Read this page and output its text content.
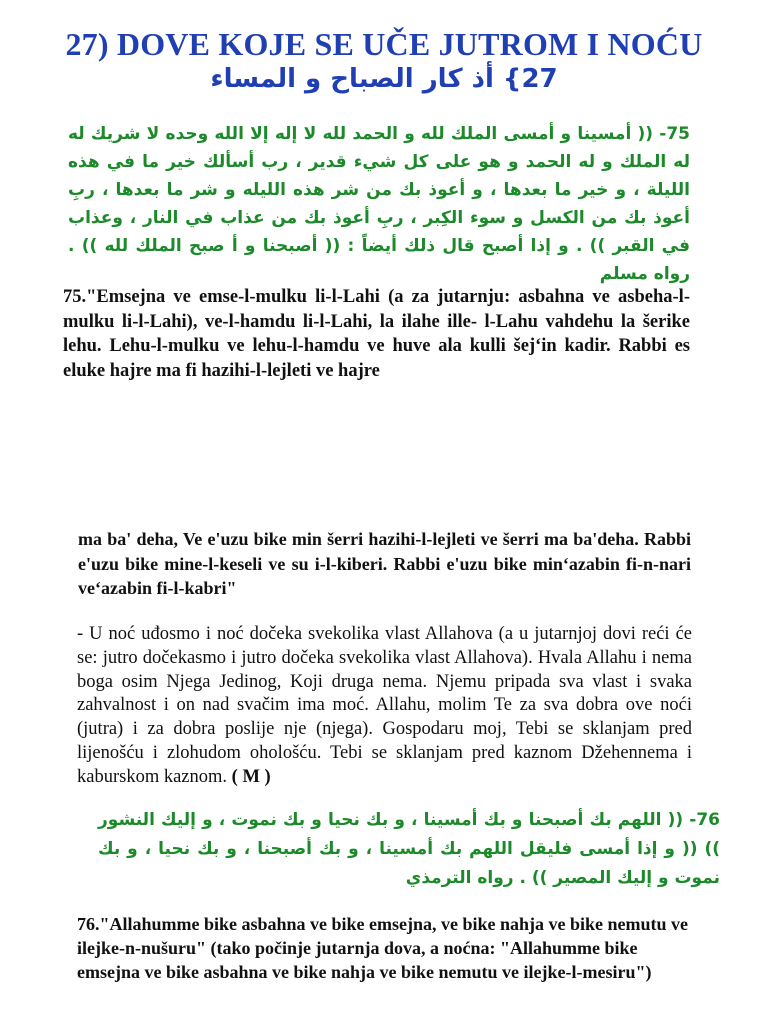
27) DOVE KOJE SE UČE JUTROM I NOĆU
27} أذ كار الصباح و المساء

75- (( أمسينا و أمسى الملك لله و الحمد لله لا إله إلا الله وحده لا شريك له له الملك و له الحمد و هو على كل شيء قدير ، رب أسألك خير ما في هذه الليلة ، و خير ما بعدها ، و أعوذ بك من شر هذه الليله و شر ما بعدها ، ربِ أعوذ بك من الكسل و سوء الكِبر ، ربِ أعوذ بك من عذاب في النار ، وعذاب في القبر )) . و إذا أصبح قال ذلك أيضاً : (( أصبحنا و أ صبح الملك لله )) . رواه مسلم

75."Emsejna ve emse-l-mulku li-l-Lahi (a za jutarnju: asbahna ve asbeha-l-mulku li-l-Lahi), ve-l-hamdu li-l-Lahi, la ilahe ille- l-Lahu vahdehu la šerike lehu. Lehu-l-mulku ve lehu-l-hamdu ve huve ala kulli šej‘in kadir. Rabbi es eluke hajre ma fi hazihi-l-lejleti ve hajre
ma ba' deha, Ve e'uzu bike min šerri hazihi-l-lejleti ve šerri ma ba'deha. Rabbi e'uzu bike mine-l-keseli ve su i-l-kiberi. Rabbi e'uzu bike min‘azabin fi-n-nari ve‘azabin fi-l-kabri"
- U noć uđosmo i noć dočeka svekolika vlast Allahova (a u jutarnjoj dovi reći će se: jutro dočekasmo i jutro dočeka svekolika vlast Allahova). Hvala Allahu i nema boga osim Njega Jedinog, Koji druga nema. Njemu pripada sva vlast i svaka zahvalnost i on nad svačim ima moć. Allahu, molim Te za sva dobra ove noći (jutra) i za dobra poslije nje (njega). Gospodaru moj, Tebi se sklanjam pred lijenošću i zlohudom ohološću. Tebi se sklanjam pred kaznom Džehennema i kaburskom kaznom. ( M )

76- (( اللهم بك أصبحنا و بك أمسينا ، و بك نحيا و بك نموت ، و إليك النشور )) (( و إذا أمسى فليقل اللهم بك أمسينا ، و بك أصبحنا ، و بك نحيا ، و بك نموت و إليك المصير )) . رواه الترمذي

76."Allahumme bike asbahna ve bike emsejna, ve bike nahja ve bike nemutu ve ilejke-n-nušuru" (tako počinje jutarnja dova, a noćna: "Allahumme bike emsejna ve bike asbahna ve bike nahja ve bike nemutu ve ilejke-l-mesiru")
